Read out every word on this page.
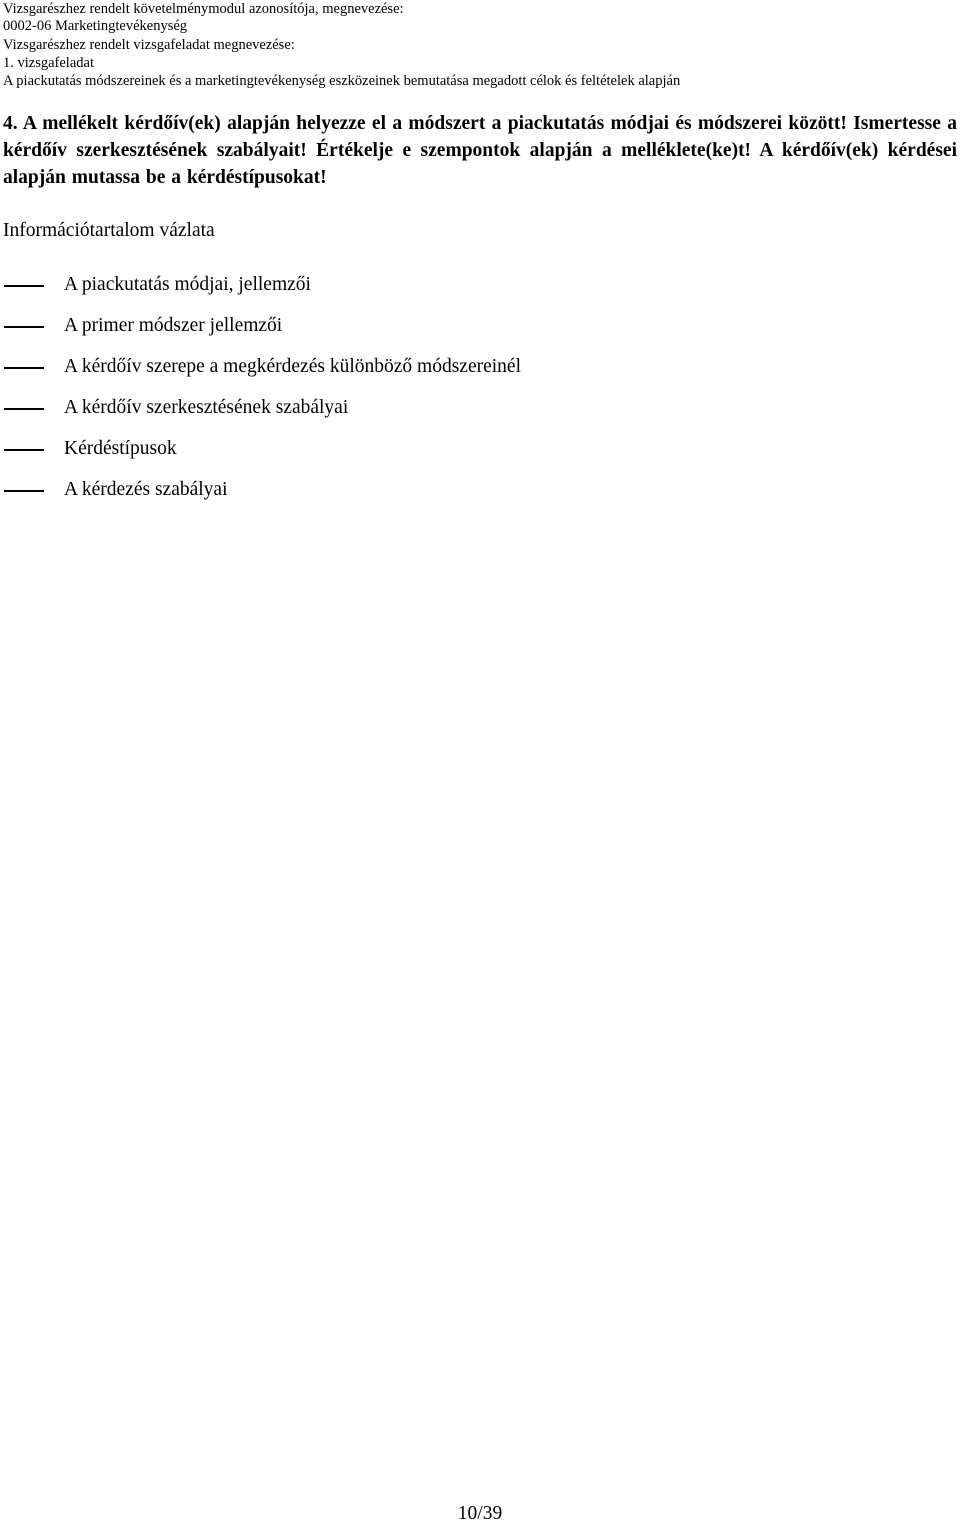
Vizsgarészhez rendelt követelménymodul azonosítója, megnevezése:
0002-06 Marketingtevékenység
Vizsgarészhez rendelt vizsgafeladat megnevezése:
1. vizsgafeladat
A piackutatás módszereinek és a marketingtevékenység eszközeinek bemutatása megadott célok és feltételek alapján
4. A mellékelt kérdőív(ek) alapján helyezze el a módszert a piackutatás módjai és módszerei között! Ismertesse a kérdőív szerkesztésének szabályait! Értékelje e szempontok alapján a melléklete(ke)t! A kérdőív(ek) kérdései alapján mutassa be a kérdéstípusokat!
Információtartalom vázlata
A piackutatás módjai, jellemzői
A primer módszer jellemzői
A kérdőív szerepe a megkérdezés különböző módszereinél
A kérdőív szerkesztésének szabályai
Kérdéstípusok
A kérdezés szabályai
10/39
